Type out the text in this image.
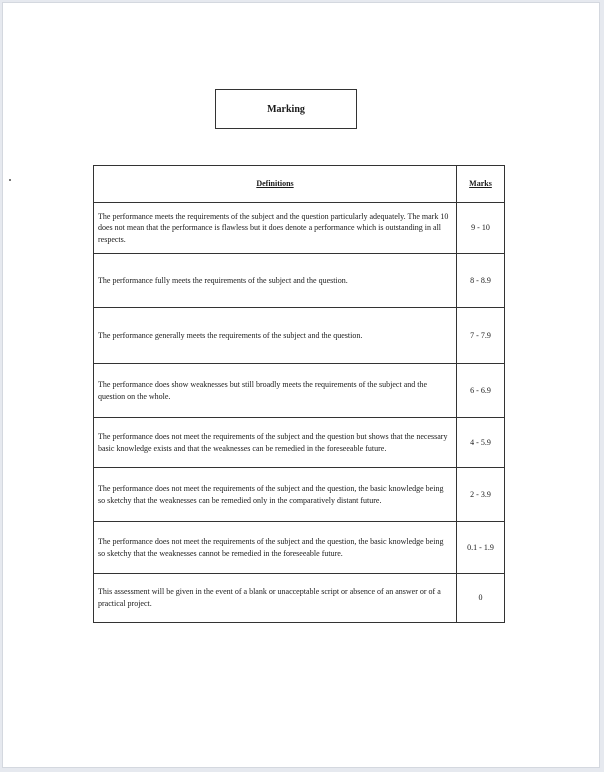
Marking
Definitions	Marks
The performance meets the requirements of the subject and the question particularly adequately. The mark 10 does not mean that the performance is flawless but it does denote a performance which is outstanding in all respects.	9 - 10
The performance fully meets the requirements of the subject and the question.	8 - 8.9
The performance generally meets the requirements of the subject and the question.	7 - 7.9
The performance does show weaknesses but still broadly meets the requirements of the subject and the question on the whole.	6 - 6.9
The performance does not meet the requirements of the subject and the question but shows that the necessary basic knowledge exists and that the weaknesses can be remedied in the foreseeable future.	4 - 5.9
The performance does not meet the requirements of the subject and the question, the basic knowledge being so sketchy that the weaknesses can be remedied only in the comparatively distant future.	2 - 3.9
The performance does not meet the requirements of the subject and the question, the basic knowledge being so sketchy that the weaknesses cannot be remedied in the foreseeable future.	0.1 - 1.9
This assessment will be given in the event of a blank or unacceptable script or absence of an answer or of a practical project.	0
